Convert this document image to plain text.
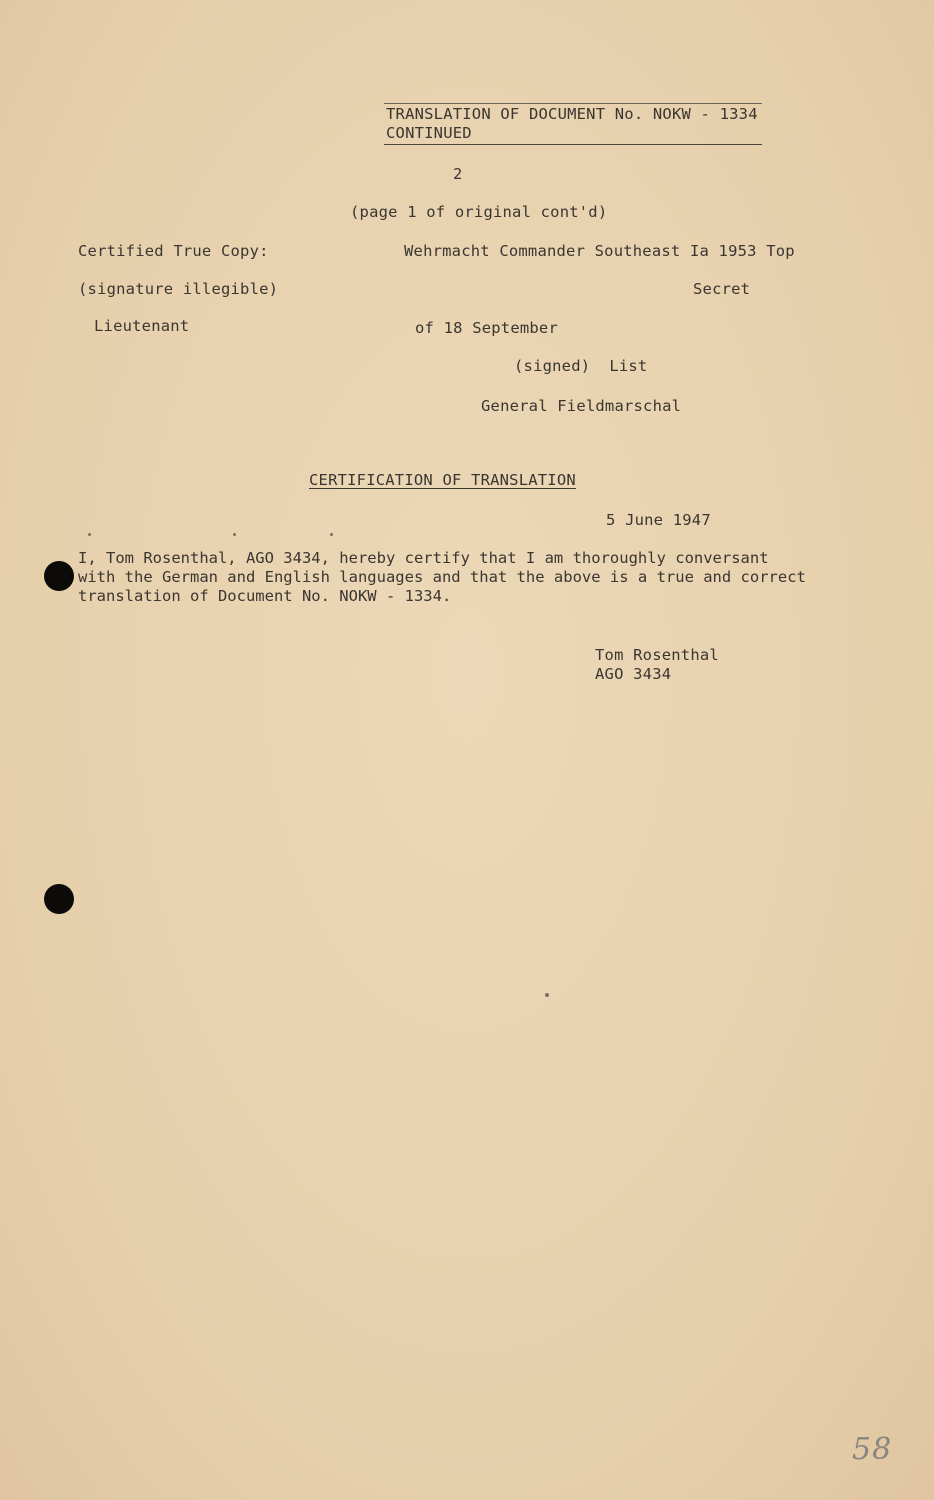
TRANSLATION OF DOCUMENT No. NOKW - 1334
CONTINUED
2
(page 1 of original cont'd)
Certified True Copy:
(signature illegible)
Lieutenant
Wehrmacht Commander Southeast Ia 1953 Top
Secret
of 18 September
(signed)  List
General Fieldmarschal
CERTIFICATION OF TRANSLATION
5 June 1947
I, Tom Rosenthal, AGO 3434, hereby certify that I am thoroughly conversant
with the German and English languages and that the above is a true and correct
translation of Document No. NOKW - 1334.
Tom Rosenthal
AGO 3434
58
